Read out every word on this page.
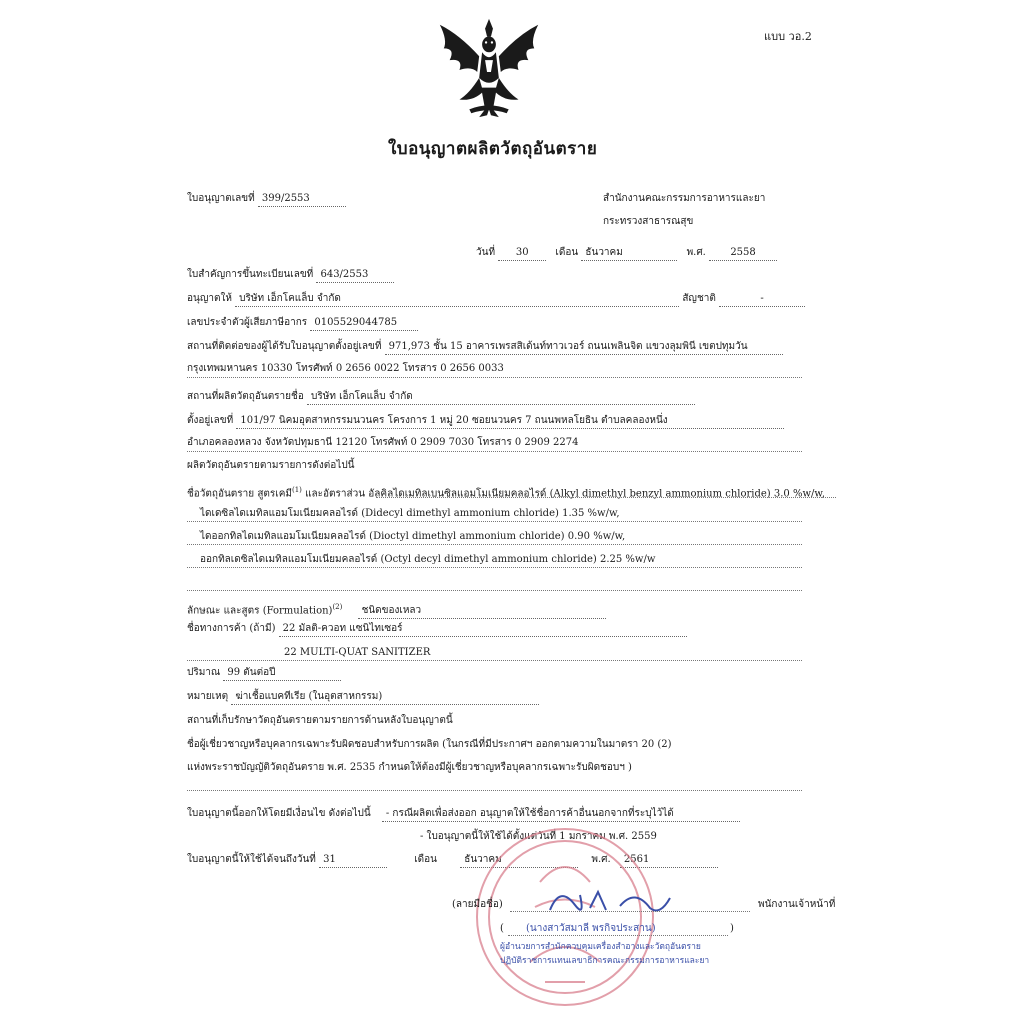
แบบ วอ.2
ใบอนุญาตผลิตวัตถุอันตราย
ใบอนุญาตเลขที่ 399/2553	สำนักงานคณะกรรมการอาหารและยา
กระทรวงสาธารณสุข
วันที่ 30	เดือน ธันวาคม	พ.ศ. 2558
ใบสำคัญการขึ้นทะเบียนเลขที่ 643/2553
อนุญาตให้ บริษัท เอ็กโคแล็บ จำกัด	สัญชาติ	-
เลขประจำตัวผู้เสียภาษีอากร 0105529044785
สถานที่ติดต่อของผู้ได้รับใบอนุญาตตั้งอยู่เลขที่ 971,973 ชั้น 15 อาคารเพรสสิเด้นท์ทาวเวอร์ ถนนเพลินจิต แขวงลุมพินี เขตปทุมวัน
กรุงเทพมหานคร 10330 โทรศัพท์ 0 2656 0022 โทรสาร 0 2656 0033
สถานที่ผลิตวัตถุอันตรายชื่อ บริษัท เอ็กโคแล็บ จำกัด
ตั้งอยู่เลขที่ 101/97 นิคมอุตสาหกรรมนวนคร โครงการ 1 หมู่ 20 ซอยนวนคร 7 ถนนพหลโยธิน ตำบลคลองหนึ่ง
อำเภอคลองหลวง จังหวัดปทุมธานี 12120 โทรศัพท์ 0 2909 7030 โทรสาร 0 2909 2274
ผลิตวัตถุอันตรายตามรายการดังต่อไปนี้
ชื่อวัตถุอันตราย สูตรเคมี$^{(1)}$ และอัตราส่วน อัลคิลไดเมทิลเบนซิลแอมโมเนียมคลอไรด์ (Alkyl dimethyl benzyl ammonium chloride) 3.0 %w/w,
ไดเดซิลไดเมทิลแอมโมเนียมคลอไรด์ (Didecyl dimethyl ammonium chloride) 1.35 %w/w,
ไดออกทิลไดเมทิลแอมโมเนียมคลอไรด์ (Dioctyl dimethyl ammonium chloride) 0.90 %w/w,
ออกทิลเดซิลไดเมทิลแอมโมเนียมคลอไรด์ (Octyl decyl dimethyl ammonium chloride) 2.25 %w/w
ลักษณะ และสูตร (Formulation)$^{(2)}$ ชนิดของเหลว
ชื่อทางการค้า (ถ้ามี) 22 มัลติ-ควอท แซนิไทเซอร์
22 MULTI-QUAT SANITIZER
ปริมาณ 99 ตันต่อปี
หมายเหตุ ฆ่าเชื้อแบคทีเรีย (ในอุตสาหกรรม)
สถานที่เก็บรักษาวัตถุอันตรายตามรายการด้านหลังใบอนุญาตนี้
ชื่อผู้เชี่ยวชาญหรือบุคลากรเฉพาะรับผิดชอบสำหรับการผลิต (ในกรณีที่มีประกาศฯ ออกตามความในมาตรา 20 (2)
แห่งพระราชบัญญัติวัตถุอันตราย พ.ศ. 2535 กำหนดให้ต้องมีผู้เชี่ยวชาญหรือบุคลากรเฉพาะรับผิดชอบฯ )
ใบอนุญาตนี้ออกให้โดยมีเงื่อนไข ดังต่อไปนี้ - กรณีผลิตเพื่อส่งออก อนุญาตให้ใช้ชื่อการค้าอื่นนอกจากที่ระบุไว้ได้
- ใบอนุญาตนี้ให้ใช้ได้ตั้งแต่วันที่ 1 มกราคม พ.ศ. 2559
ใบอนุญาตนี้ให้ใช้ได้จนถึงวันที่ 31	เดือน	ธันวาคม	พ.ศ. 2561
(ลายมือชื่อ)	พนักงานเจ้าหน้าที่
( (นางสาวัสมาลี พรกิจประสาน)	)
ผู้อำนวยการสำนักควบคุมเครื่องสำอางและวัตถุอันตราย
ปฏิบัติราชการแทนเลขาธิการคณะกรรมการอาหารและยา
